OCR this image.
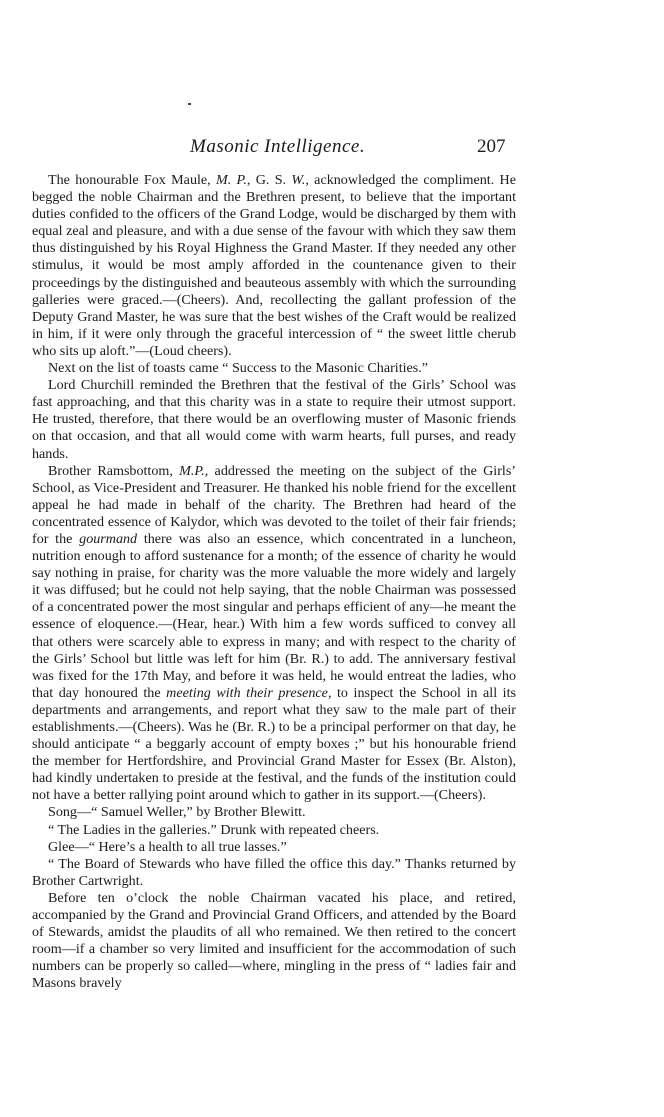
Masonic Intelligence.	207

The honourable Fox Maule, M. P., G. S. W., acknowledged the compliment. He begged the noble Chairman and the Brethren present, to believe that the important duties confided to the officers of the Grand Lodge, would be discharged by them with equal zeal and pleasure, and with a due sense of the favour with which they saw them thus distinguished by his Royal Highness the Grand Master. If they needed any other stimulus, it would be most amply afforded in the countenance given to their proceedings by the distinguished and beauteous assembly with which the surrounding galleries were graced.—(Cheers). And, recollecting the gallant profession of the Deputy Grand Master, he was sure that the best wishes of the Craft would be realized in him, if it were only through the graceful intercession of “ the sweet little cherub who sits up aloft.”—(Loud cheers).

Next on the list of toasts came “ Success to the Masonic Charities.”

Lord Churchill reminded the Brethren that the festival of the Girls’ School was fast approaching, and that this charity was in a state to require their utmost support. He trusted, therefore, that there would be an overflowing muster of Masonic friends on that occasion, and that all would come with warm hearts, full purses, and ready hands.

Brother Ramsbottom, M.P., addressed the meeting on the subject of the Girls’ School, as Vice-President and Treasurer. He thanked his noble friend for the excellent appeal he had made in behalf of the charity. The Brethren had heard of the concentrated essence of Kalydor, which was devoted to the toilet of their fair friends; for the gourmand there was also an essence, which concentrated in a luncheon, nutrition enough to afford sustenance for a month; of the essence of charity he would say nothing in praise, for charity was the more valuable the more widely and largely it was diffused; but he could not help saying, that the noble Chairman was possessed of a concentrated power the most singular and perhaps efficient of any—he meant the essence of eloquence.—(Hear, hear.) With him a few words sufficed to convey all that others were scarcely able to express in many; and with respect to the charity of the Girls’ School but little was left for him (Br. R.) to add. The anniversary festival was fixed for the 17th May, and before it was held, he would entreat the ladies, who that day honoured the meeting with their presence, to inspect the School in all its departments and arrangements, and report what they saw to the male part of their establishments.—(Cheers). Was he (Br. R.) to be a principal performer on that day, he should anticipate “ a beggarly account of empty boxes ;” but his honourable friend the member for Hertfordshire, and Provincial Grand Master for Essex (Br. Alston), had kindly undertaken to preside at the festival, and the funds of the institution could not have a better rallying point around which to gather in its support.—(Cheers).

Song—“ Samuel Weller,” by Brother Blewitt.

“ The Ladies in the galleries.” Drunk with repeated cheers.

Glee—“ Here’s a health to all true lasses.”

“ The Board of Stewards who have filled the office this day.” Thanks returned by Brother Cartwright.

Before ten o’clock the noble Chairman vacated his place, and retired, accompanied by the Grand and Provincial Grand Officers, and attended by the Board of Stewards, amidst the plaudits of all who remained. We then retired to the concert room—if a chamber so very limited and insufficient for the accommodation of such numbers can be properly so called—where, mingling in the press of “ ladies fair and Masons bravely
